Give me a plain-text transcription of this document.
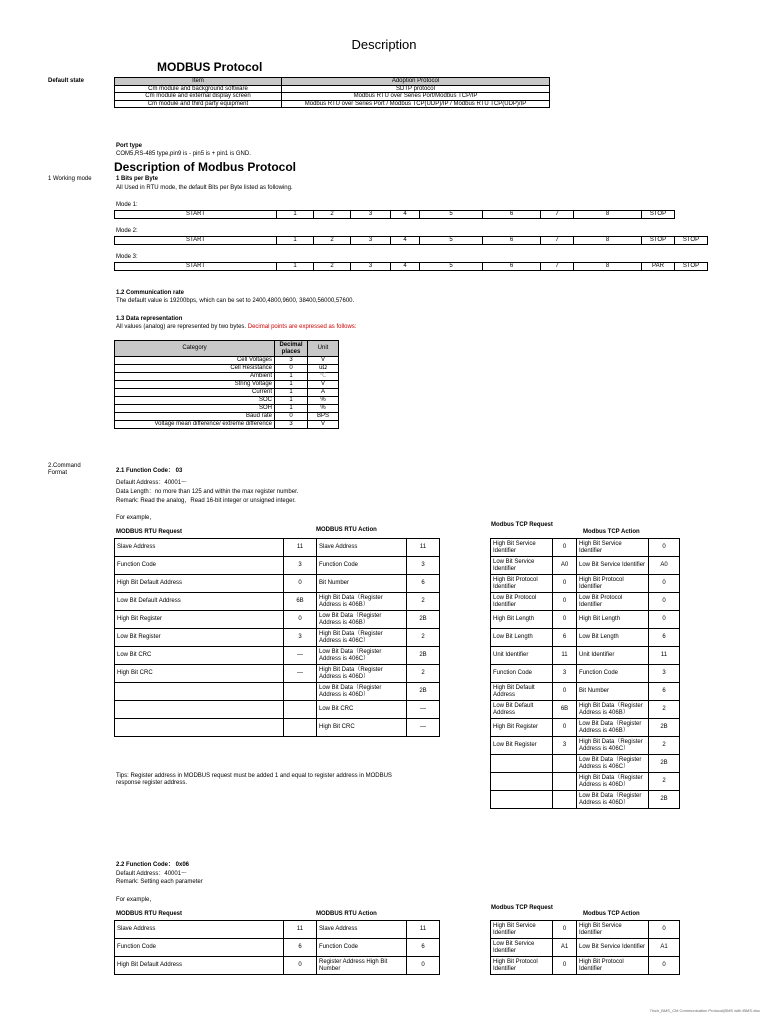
Description
MODBUS Protocol
Default state	Item	Adoption Protocol
Cm module and background software	SDTP protocol
Cm module and external display screen	Modbus RTU over Series Port/Modbus TCP/IP
Cm module and third party equipment	Modbus RTU over Series Port / Modbus TCP(UDP)/IP / Modbus RTU TCP(UDP)/IP
Port type
COM5,RS-485 type,pin9 is - pin5 is + pin1 is GND.
Description of Modbus Protocol
1 Working mode	1 Bits per Byte
All Used in RTU mode, the default Bits per Byte listed as following.
Mode 1:
START	1	2	3	4	5	6	7	8	STOP
Mode 2:
START	1	2	3	4	5	6	7	8	STOP	STOP
Mode 3:
START	1	2	3	4	5	6	7	8	PAR	STOP
1.2 Communication rate
The default value is 19200bps, which can be set to 2400,4800,9600, 38400,56000,57600.
1.3 Data representation
All values (analog) are represented by two bytes. Decimal points are expressed as follows:
Category	Decimal places	Unit
Cell Voltages	3	V
Cell Resistance	0	uΩ
Ambient	1	℃
String Voltage	1	V
Current	1	A
SOC	1	%
SOH	1	%
Baud rate	0	BPS
Voltage mean difference/ extreme difference	3	V
2.Command Format	2.1 Function Code： 03
Default Address：40001～
Data Length：no more than 125 and within the max register number.
Remark: Read the analog，Read 16-bit integer or unsigned integer.
For example，
MODBUS RTU Request	MODBUS RTU Action
Modbus TCP Request
Modbus TCP Action
Slave Address	11	Slave Address	11
Function Code	3	Function Code	3
High Bit Default Address	0	Bit Number	6
Low Bit Default Address	6B	High Bit Data（Register Address is 406B）	2
High Bit Register	0	Low Bit Data（Register Address is 406B）	2B
Low Bit Register	3	High Bit Data（Register Address is 406C）	2
Low Bit CRC	—	Low Bit Data（Register Address is 406C）	2B
High Bit CRC	—	High Bit Data（Register Address is 406D）	2
		Low Bit Data（Register Address is 406D）	2B
		Low Bit CRC	—
		High Bit CRC	—
High Bit Service Identifier	0	High Bit Service Identifier	0
Low Bit Service Identifier	A0	Low Bit Service Identifier	A0
High Bit Protocol Identifier	0	High Bit Protocol Identifier	0
Low Bit Protocol Identifier	0	Low Bit Protocol Identifier	0
High Bit Length	0	High Bit Length	0
Low Bit Length	6	Low Bit Length	6
Unit Identifier	11	Unit Identifier	11
Function Code	3	Function Code	3
High Bit Default Address	0	Bit Number	6
Low Bit Default Address	6B	High Bit Data（Register Address is 406B）	2
High Bit Register	0	Low Bit Data（Register Address is 406B）	2B
Low Bit Register	3	High Bit Data（Register Address is 406C）	2
		Low Bit Data（Register Address is 406C）	2B
		High Bit Data（Register Address is 406D）	2
		Low Bit Data（Register Address is 406D）	2B
Tips: Register address in MODBUS request must be added 1 and equal to register address in MODBUS response register address.
2.2 Function Code： 0x06
Default Address：40001～
Remark: Setting each parameter
For example，
MODBUS RTU Request	MODBUS RTU Action
Modbus TCP Request
Modbus TCP Action
Slave Address	11	Slave Address	11
Function Code	6	Function Code	6
High Bit Default Address	0	Register Address High Bit Number	0
High Bit Service Identifier	0	High Bit Service Identifier	0
Low Bit Service Identifier	A1	Low Bit Service Identifier	A1
High Bit Protocol Identifier	0	High Bit Protocol Identifier	0
7inch_BMS_CM Communication Protocol(BMS with iBMS.xlsx
